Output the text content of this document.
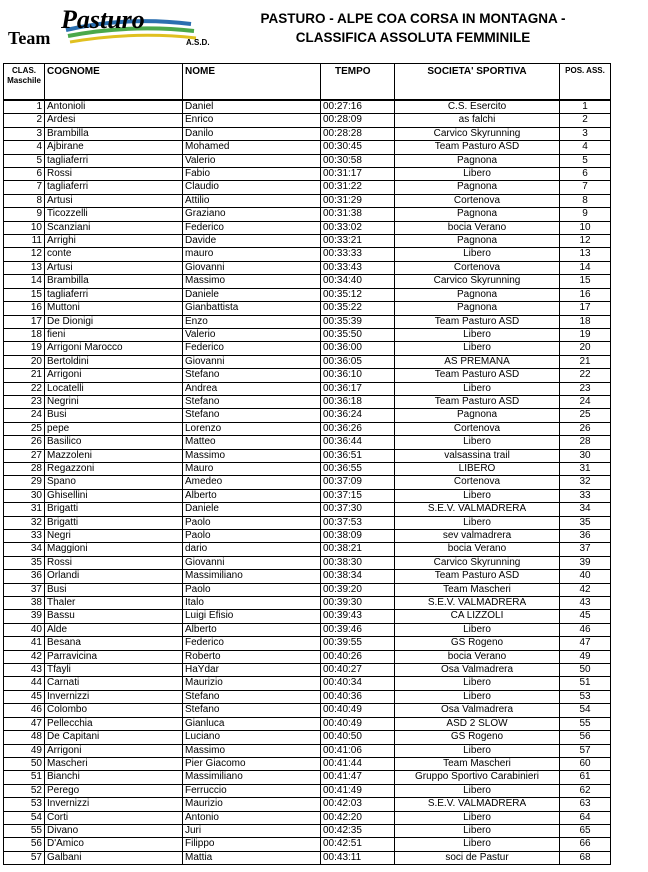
Pasturo
Team	A.S.D.
PASTURO - ALPE COA CORSA IN MONTAGNA -
CLASSIFICA ASSOLUTA FEMMINILE
CLAS.
Maschile	COGNOME	NOME	TEMPO	SOCIETA' SPORTIVA	POS. ASS.
1	Antonioli	Daniel	00:27:16	C.S. Esercito	1
2	Ardesi	Enrico	00:28:09	as falchi	2
3	Brambilla	Danilo	00:28:28	Carvico Skyrunning	3
4	Ajbirane	Mohamed	00:30:45	Team Pasturo ASD	4
5	tagliaferri	Valerio	00:30:58	Pagnona	5
6	Rossi	Fabio	00:31:17	Libero	6
7	tagliaferri	Claudio	00:31:22	Pagnona	7
8	Artusi	Attilio	00:31:29	Cortenova	8
9	Ticozzelli	Graziano	00:31:38	Pagnona	9
10	Scanziani	Federico	00:33:02	bocia Verano	10
11	Arrighi	Davide	00:33:21	Pagnona	12
12	conte	mauro	00:33:33	Libero	13
13	Artusi	Giovanni	00:33:43	Cortenova	14
14	Brambilla	Massimo	00:34:40	Carvico Skyrunning	15
15	tagliaferri	Daniele	00:35:12	Pagnona	16
16	Muttoni	Gianbattista	00:35:22	Pagnona	17
17	De Dionigi	Enzo	00:35:39	Team Pasturo ASD	18
18	fieni	Valerio	00:35:50	Libero	19
19	Arrigoni Marocco	Federico	00:36:00	Libero	20
20	Bertoldini	Giovanni	00:36:05	AS PREMANA	21
21	Arrigoni	Stefano	00:36:10	Team Pasturo ASD	22
22	Locatelli	Andrea	00:36:17	Libero	23
23	Negrini	Stefano	00:36:18	Team Pasturo ASD	24
24	Busi	Stefano	00:36:24	Pagnona	25
25	pepe	Lorenzo	00:36:26	Cortenova	26
26	Basilico	Matteo	00:36:44	Libero	28
27	Mazzoleni	Massimo	00:36:51	valsassina trail	30
28	Regazzoni	Mauro	00:36:55	LIBERO	31
29	Spano	Amedeo	00:37:09	Cortenova	32
30	Ghisellini	Alberto	00:37:15	Libero	33
31	Brigatti	Daniele	00:37:30	S.E.V. VALMADRERA	34
32	Brigatti	Paolo	00:37:53	Libero	35
33	Negri	Paolo	00:38:09	sev valmadrera	36
34	Maggioni	dario	00:38:21	bocia Verano	37
35	Rossi	Giovanni	00:38:30	Carvico Skyrunning	39
36	Orlandi	Massimiliano	00:38:34	Team Pasturo ASD	40
37	Busi	Paolo	00:39:20	Team Mascheri	42
38	Thaler	Italo	00:39:30	S.E.V. VALMADRERA	43
39	Bassu	Luigi Efisio	00:39:43	CA LIZZOLI	45
40	Alde	Alberto	00:39:46	Libero	46
41	Besana	Federico	00:39:55	GS Rogeno	47
42	Parravicina	Roberto	00:40:26	bocia Verano	49
43	Tfayli	HaYdar	00:40:27	Osa Valmadrera	50
44	Carnati	Maurizio	00:40:34	Libero	51
45	Invernizzi	Stefano	00:40:36	Libero	53
46	Colombo	Stefano	00:40:49	Osa Valmadrera	54
47	Pellecchia	Gianluca	00:40:49	ASD 2 SLOW	55
48	De Capitani	Luciano	00:40:50	GS Rogeno	56
49	Arrigoni	Massimo	00:41:06	Libero	57
50	Mascheri	Pier Giacomo	00:41:44	Team Mascheri	60
51	Bianchi	Massimiliano	00:41:47	Gruppo Sportivo Carabinieri	61
52	Perego	Ferruccio	00:41:49	Libero	62
53	Invernizzi	Maurizio	00:42:03	S.E.V. VALMADRERA	63
54	Corti	Antonio	00:42:20	Libero	64
55	Divano	Juri	00:42:35	Libero	65
56	D'Amico	Filippo	00:42:51	Libero	66
57	Galbani	Mattia	00:43:11	soci de Pastur	68
